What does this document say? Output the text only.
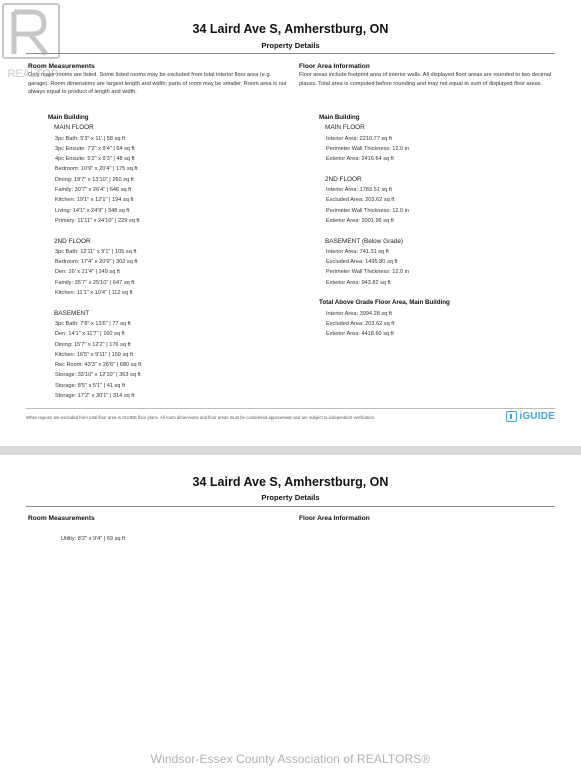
34 Laird Ave S, Amherstburg, ON
Property Details
Room Measurements
Only major rooms are listed. Some listed rooms may be excluded from total interior floor area (e.g. garage). Room dimensions are largest length and width; parts of room may be smaller. Room area is not always equal to product of length and width.
Floor Area Information
Floor areas include footprint area of interior walls. All displayed floor areas are rounded to two decimal places. Total area is computed before rounding and may not equal to sum of displayed floor areas.
Main Building
MAIN FLOOR
3pc Bath: 5'3" x 11' | 58 sq ft
3pc Ensuite: 7'2" x 9'4" | 64 sq ft
4pc Ensuite: 5'2" x 9'3" | 48 sq ft
Bedroom: 10'9" x 20'4" | 175 sq ft
Dining: 19'7" x 13'10" | 260 sq ft
Family: 30'7" x 26'4" | 646 sq ft
Kitchen: 19'1" x 12'1" | 194 sq ft
Living: 14'1" x 24'9" | 348 sq ft
Primary: 11'11" x 24'10" | 229 sq ft
2ND FLOOR
3pc Bath: 12'11" x 9'1" | 105 sq ft
Bedroom: 17'4" x 20'9" | 302 sq ft
Den: 16' x 21'4" | 249 sq ft
Family: 35'7" x 25'10" | 647 sq ft
Kitchen: 11'1" x 10'4" | 112 sq ft
BASEMENT
3pc Bath: 7'8" x 13'6" | 77 sq ft
Den: 14'1" x 11'7" | 160 sq ft
Dining: 15'7" x 12'2" | 176 sq ft
Kitchen: 16'5" x 9'11" | 159 sq ft
Rec Room: 43'3" x 26'6" | 680 sq ft
Storage: 33'10" x 12'10" | 363 sq ft
Storage: 8'5" x 5'1" | 41 sq ft
Storage: 17'2" x 30'1" | 314 sq ft
Main Building
MAIN FLOOR
Interior Area: 2210.77 sq ft
Perimeter Wall Thickness: 12.0 in
Exterior Area: 2416.64 sq ft
2ND FLOOR
Interior Area: 1783.51 sq ft
Excluded Area: 203.62 sq ft
Perimeter Wall Thickness: 12.0 in
Exterior Area: 2001.96 sq ft
BASEMENT (Below Grade)
Interior Area: 741.31 sq ft
Excluded Area: 1495.80 sq ft
Perimeter Wall Thickness: 12.0 in
Exterior Area: 943.82 sq ft
Total Above Grade Floor Area, Main Building
Interior Area: 3994.28 sq ft
Excluded Area: 203.62 sq ft
Exterior Area: 4418.60 sq ft
White regions are excluded from total floor area in iGUIDE floor plans. All room dimensions and floor areas must be considered approximate and are subject to independent verification.	iGUIDE
REALTOR
34 Laird Ave S, Amherstburg, ON
Property Details
Room Measurements	Floor Area Information
Utility: 8'2" x 9'4" | 69 sq ft
Windsor-Essex County Association of REALTORS®
